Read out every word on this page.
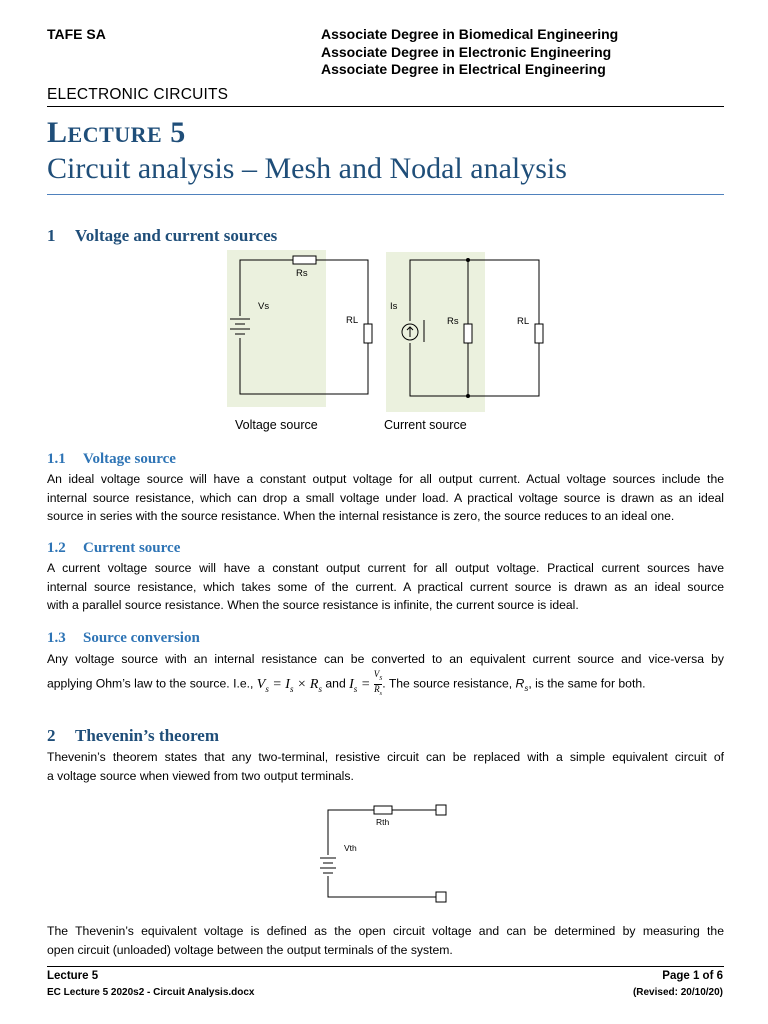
TAFE SA	Associate Degree in Biomedical Engineering
Associate Degree in Electronic Engineering
Associate Degree in Electrical Engineering
ELECTRONIC CIRCUITS
LECTURE 5
Circuit analysis – Mesh and Nodal analysis
1 Voltage and current sources
Rs
Vs
RL
Is
Rs	RL
Voltage source	Current source
1.1 Voltage source
An ideal voltage source will have a constant output voltage for all output current. Actual voltage sources include the
internal source resistance, which can drop a small voltage under load. A practical voltage source is drawn as an ideal
source in series with the source resistance. When the internal resistance is zero, the source reduces to an ideal one.
1.2 Current source
A current voltage source will have a constant output current for all output voltage. Practical current sources have
internal source resistance, which takes some of the current. A practical current source is drawn as an ideal source
with a parallel source resistance. When the source resistance is infinite, the current source is ideal.
1.3 Source conversion
Any voltage source with an internal resistance can be converted to an equivalent current source and vice-versa by
applying Ohm’s law to the source. I.e., $V_s = I_s \times R_s$ and $I_s = \frac{V_S}{R_s}$ . The source resistance, $R_s$, is the same for both.
2 Thevenin’s theorem
Thevenin’s theorem states that any two-terminal, resistive circuit can be replaced with a simple equivalent circuit of
a voltage source when viewed from two output terminals.
Rth
Vth
The Thevenin’s equivalent voltage is defined as the open circuit voltage and can be determined by measuring the
open circuit (unloaded) voltage between the output terminals of the system.
Lecture 5
EC Lecture 5 2020s2 - Circuit Analysis.docx
Page 1 of 6
(Revised: 20/10/20)
